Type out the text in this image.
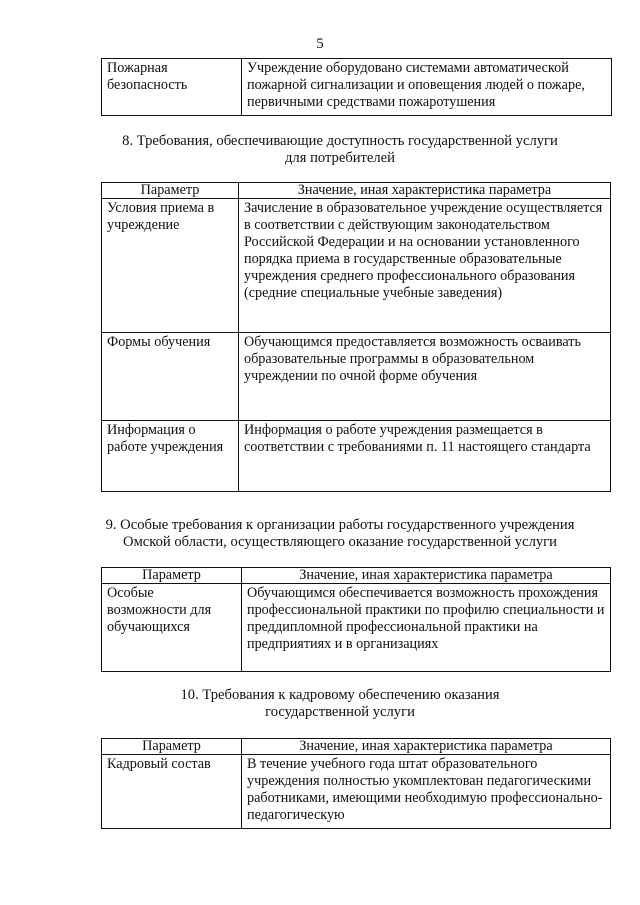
5
Пожарная безопасность	Учреждение оборудовано системами автоматической пожарной сигнализации и оповещения людей о пожаре, первичными средствами пожаротушения
8. Требования, обеспечивающие доступность государственной услуги
для потребителей
Параметр	Значение, иная характеристика параметра
Условия приема в учреждение	Зачисление в образовательное учреждение осуществляется в соответствии с действующим законодательством Российской Федерации и на основании установленного порядка приема в государственные образовательные учреждения среднего профессионального образования (средние специальные учебные заведения)
Формы обучения	Обучающимся предоставляется возможность осваивать образовательные программы в образовательном учреждении по очной форме обучения
Информация о работе учреждения	Информация о работе учреждения размещается в соответствии с требованиями п. 11 настоящего стандарта
9. Особые требования к организации работы государственного учреждения
Омской области, осуществляющего оказание государственной услуги
Параметр	Значение, иная характеристика параметра
Особые возможности для обучающихся	Обучающимся обеспечивается возможность прохождения профессиональной практики по профилю специальности и преддипломной профессиональной практики на предприятиях и в организациях
10. Требования к кадровому обеспечению оказания
государственной услуги
Параметр	Значение, иная характеристика параметра
Кадровый состав	В течение учебного года штат образовательного учреждения полностью укомплектован педагогическими работниками, имеющими необходимую профессионально-педагогическую
